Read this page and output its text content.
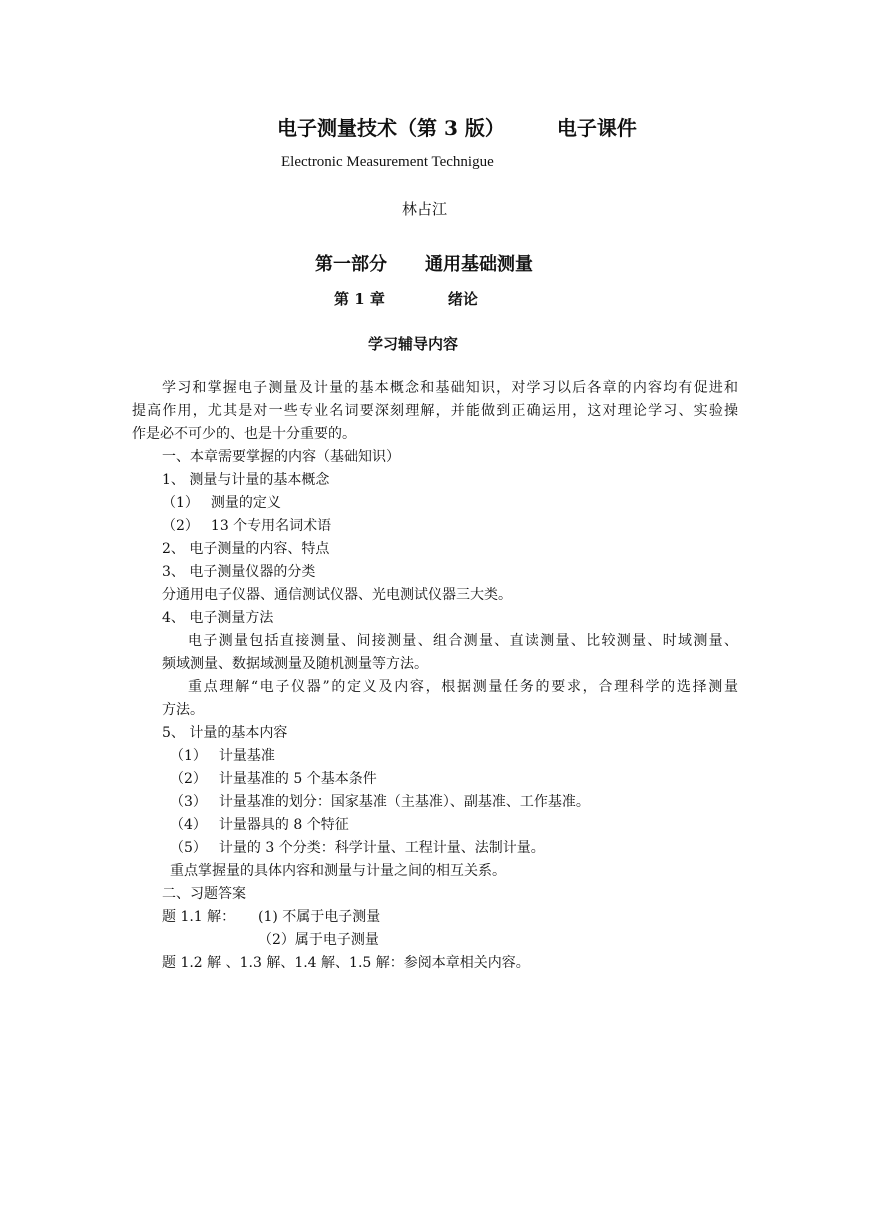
电子测量技术（第 3 版）	电子课件
Electronic Measurement Technigue
林占江
第一部分 通用基础测量
第 1 章	绪论
学习辅导内容
学习和掌握电子测量及计量的基本概念和基础知识，对学习以后各章的内容均有促进和
提高作用，尤其是对一些专业名词要深刻理解，并能做到正确运用，这对理论学习、实验操
作是必不可少的、也是十分重要的。
一、本章需要掌握的内容（基础知识）
1、 测量与计量的基本概念
（1） 测量的定义
（2） 13 个专用名词术语
2、 电子测量的内容、特点
3、 电子测量仪器的分类
分通用电子仪器、通信测试仪器、光电测试仪器三大类。
4、 电子测量方法
电子测量包括直接测量、间接测量、组合测量、直读测量、比较测量、时域测量、
频域测量、数据域测量及随机测量等方法。
重点理解“电子仪器”的定义及内容，根据测量任务的要求，合理科学的选择测量
方法。
5、 计量的基本内容
（1） 计量基准
（2） 计量基准的 5 个基本条件
（3） 计量基准的划分：国家基准（主基准）、副基准、工作基准。
（4） 计量器具的 8 个特征
（5） 计量的 3 个分类：科学计量、工程计量、法制计量。
重点掌握量的具体内容和测量与计量之间的相互关系。
二、习题答案
题 1.1 解： (1) 不属于电子测量
（2）属于电子测量
题 1.2 解 、1.3 解、1.4 解、1.5 解：参阅本章相关内容。
